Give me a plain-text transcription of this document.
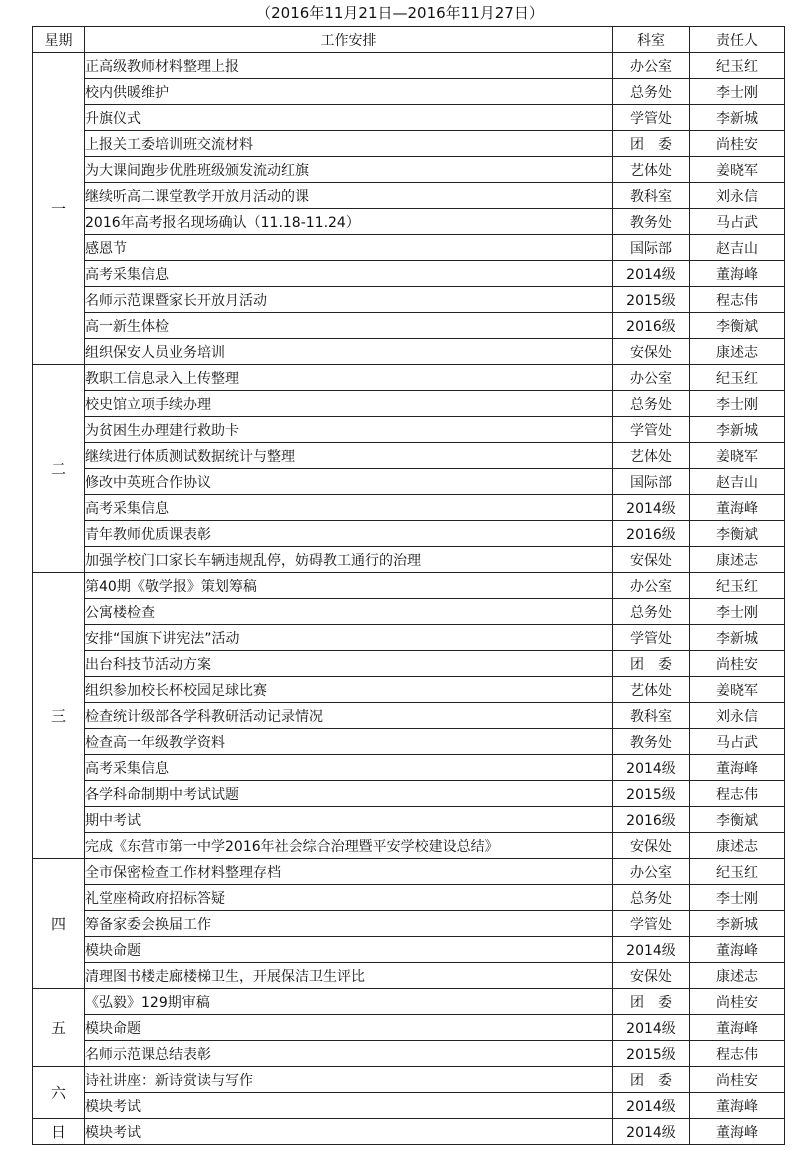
（2016年11月21日—2016年11月27日）
星期	工作安排	科室	责任人
一	正高级教师材料整理上报	办公室	纪玉红
	校内供暖维护	总务处	李士刚
	升旗仪式	学管处	李新城
	上报关工委培训班交流材料	团　委	尚桂安
	为大课间跑步优胜班级颁发流动红旗	艺体处	姜晓军
	继续听高二课堂教学开放月活动的课	教科室	刘永信
	2016年高考报名现场确认（11.18-11.24）	教务处	马占武
	感恩节	国际部	赵吉山
	高考采集信息	2014级	董海峰
	名师示范课暨家长开放月活动	2015级	程志伟
	高一新生体检	2016级	李衡斌
	组织保安人员业务培训	安保处	康述志
二	教职工信息录入上传整理	办公室	纪玉红
	校史馆立项手续办理	总务处	李士刚
	为贫困生办理建行救助卡	学管处	李新城
	继续进行体质测试数据统计与整理	艺体处	姜晓军
	修改中英班合作协议	国际部	赵吉山
	高考采集信息	2014级	董海峰
	青年教师优质课表彰	2016级	李衡斌
	加强学校门口家长车辆违规乱停，妨碍教工通行的治理	安保处	康述志
三	第40期《敬学报》策划筹稿	办公室	纪玉红
	公寓楼检查	总务处	李士刚
	安排“国旗下讲宪法”活动	学管处	李新城
	出台科技节活动方案	团　委	尚桂安
	组织参加校长杯校园足球比赛	艺体处	姜晓军
	检查统计级部各学科教研活动记录情况	教科室	刘永信
	检查高一年级教学资料	教务处	马占武
	高考采集信息	2014级	董海峰
	各学科命制期中考试试题	2015级	程志伟
	期中考试	2016级	李衡斌
	完成《东营市第一中学2016年社会综合治理暨平安学校建设总结》	安保处	康述志
四	全市保密检查工作材料整理存档	办公室	纪玉红
	礼堂座椅政府招标答疑	总务处	李士刚
	筹备家委会换届工作	学管处	李新城
	模块命题	2014级	董海峰
	清理图书楼走廊楼梯卫生，开展保洁卫生评比	安保处	康述志
五	《弘毅》129期审稿	团　委	尚桂安
	模块命题	2014级	董海峰
	名师示范课总结表彰	2015级	程志伟
六	诗社讲座：新诗赏读与写作	团　委	尚桂安
	模块考试	2014级	董海峰
日	模块考试	2014级	董海峰
